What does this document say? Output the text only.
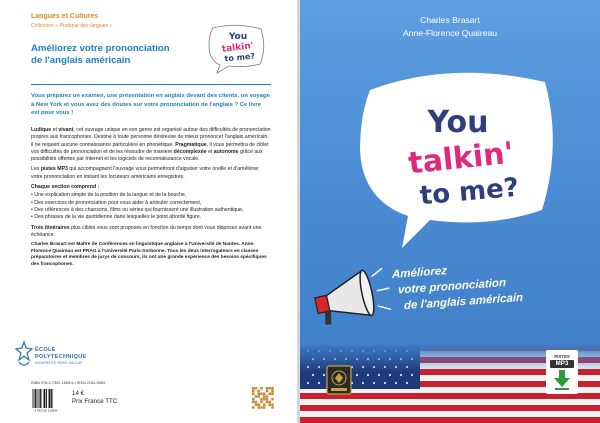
Langues et Cultures
Collection « Pratique des langues »
Améliorez votre prononciation
de l'anglais américain
You
talkin'
to me?
Vous préparez un examen, une présentation en anglais devant des clients, un voyage à New York et vous avez des doutes sur votre prononciation de l'anglais ? Ce livre est pour vous !

Ludique et vivant, cet ouvrage unique en son genre est organisé autour des difficultés de prononciation propres aux francophones. Destiné à toute personne désireuse de mieux prononcer l'anglais américain, il ne requiert aucune connaissance particulière en phonétique. Pragmatique, il vous permettra de cibler vos difficultés de prononciation et de les résoudre de manière décomplexée et autonome grâce aux possibilités offertes par Internet et les logiciels de reconnaissance vocale.

Les pistes MP3 qui accompagnent l'ouvrage vous permettront d'aiguiser votre oreille et d'améliorer votre prononciation en imitant les locuteurs américains enregistrés.

Chaque section comprend :
• Une explication simple de la position de la langue et de la bouche,
• Des exercices de prononciation pour vous aider à articuler correctement,
• Des références à des chansons, films ou séries qui fournissent une illustration authentique,
• Des phrases de la vie quotidienne dans lesquelles le point abordé figure.

Trois itinéraires plus ciblés vous sont proposés en fonction du temps dont vous disposez avant une échéance.

Charles Brasart est Maître de Conférences en linguistique anglaise à l'Université de Nantes. Anne-Florence Quaireau est PRAG à l'Université Paris-Sorbonne. Tous les deux interrogateurs en classes préparatoires et membres de jurys de concours, ils ont une grande expérience des besoins spécifiques des francophones.

ÉCOLE
POLYTECHNIQUE
UNIVERSITÉ PARIS-SACLAY
ISBN 978-2-7302-1659-5 • ISSN 2104-9963
9 782730 216595
14 €
Prix France TTC
Charles Brasart
Anne-Florence Quaireau
You
talkin'
to me?
Améliorez
votre prononciation
de l'anglais américain
PISTES
MP3
